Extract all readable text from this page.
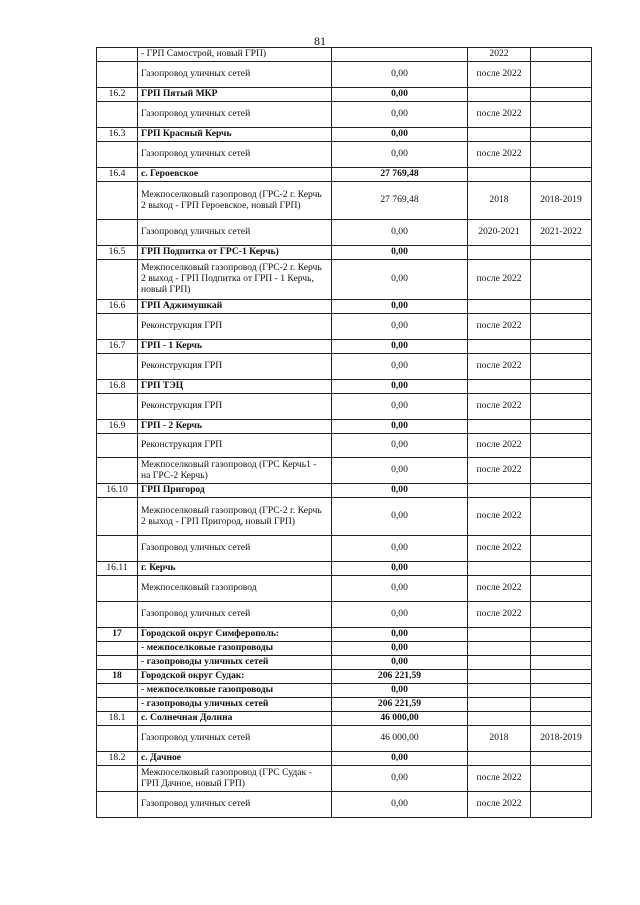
81
	- ГРП Самострой, новый ГРП)		2022	
	Газопровод уличных сетей	0,00	после 2022	
16.2	ГРП Пятый МКР	0,00		
	Газопровод уличных сетей	0,00	после 2022	
16.3	ГРП Красный Керчь	0,00		
	Газопровод уличных сетей	0,00	после 2022	
16.4	с. Героевское	27 769,48		
	Межпоселковый газопровод (ГРС-2 г. Керчь 2 выход - ГРП Героевское, новый ГРП)	27 769,48	2018	2018-2019
	Газопровод уличных сетей	0,00	2020-2021	2021-2022
16.5	ГРП Подпитка от ГРС-1 Керчь)	0,00		
	Межпоселковый газопровод (ГРС-2 г. Керчь 2 выход - ГРП Подпитка от ГРП - 1 Керчь, новый ГРП)	0,00	после 2022	
16.6	ГРП Аджимушкай	0,00		
	Реконструкция ГРП	0,00	после 2022	
16.7	ГРП - 1 Керчь	0,00		
	Реконструкция ГРП	0,00	после 2022	
16.8	ГРП ТЭЦ	0,00		
	Реконструкция ГРП	0,00	после 2022	
16.9	ГРП - 2 Керчь	0,00		
	Реконструкция ГРП	0,00	после 2022	
	Межпоселковый газопровод (ГРС Керчь1 - на ГРС-2 Керчь)	0,00	после 2022	
16.10	ГРП Пригород	0,00		
	Межпоселковый газопровод (ГРС-2 г. Керчь 2 выход - ГРП Пригород, новый ГРП)	0,00	после 2022	
	Газопровод уличных сетей	0,00	после 2022	
16.11	г. Керчь	0,00		
	Межпоселковый газопровод	0,00	после 2022	
	Газопровод уличных сетей	0,00	после 2022	
17	Городской округ Симферополь:	0,00		
	- межпоселковые газопроводы	0,00		
	- газопроводы уличных сетей	0,00		
18	Городской округ Судак:	206 221,59		
	- межпоселковые газопроводы	0,00		
	- газопроводы уличных сетей	206 221,59		
18.1	с. Солнечная Долина	46 000,00		
	Газопровод уличных сетей	46 000,00	2018	2018-2019
18.2	с. Дачное	0,00		
	Межпоселковый газопровод (ГРС Судак - ГРП Дачное, новый ГРП)	0,00	после 2022	
	Газопровод уличных сетей	0,00	после 2022	
